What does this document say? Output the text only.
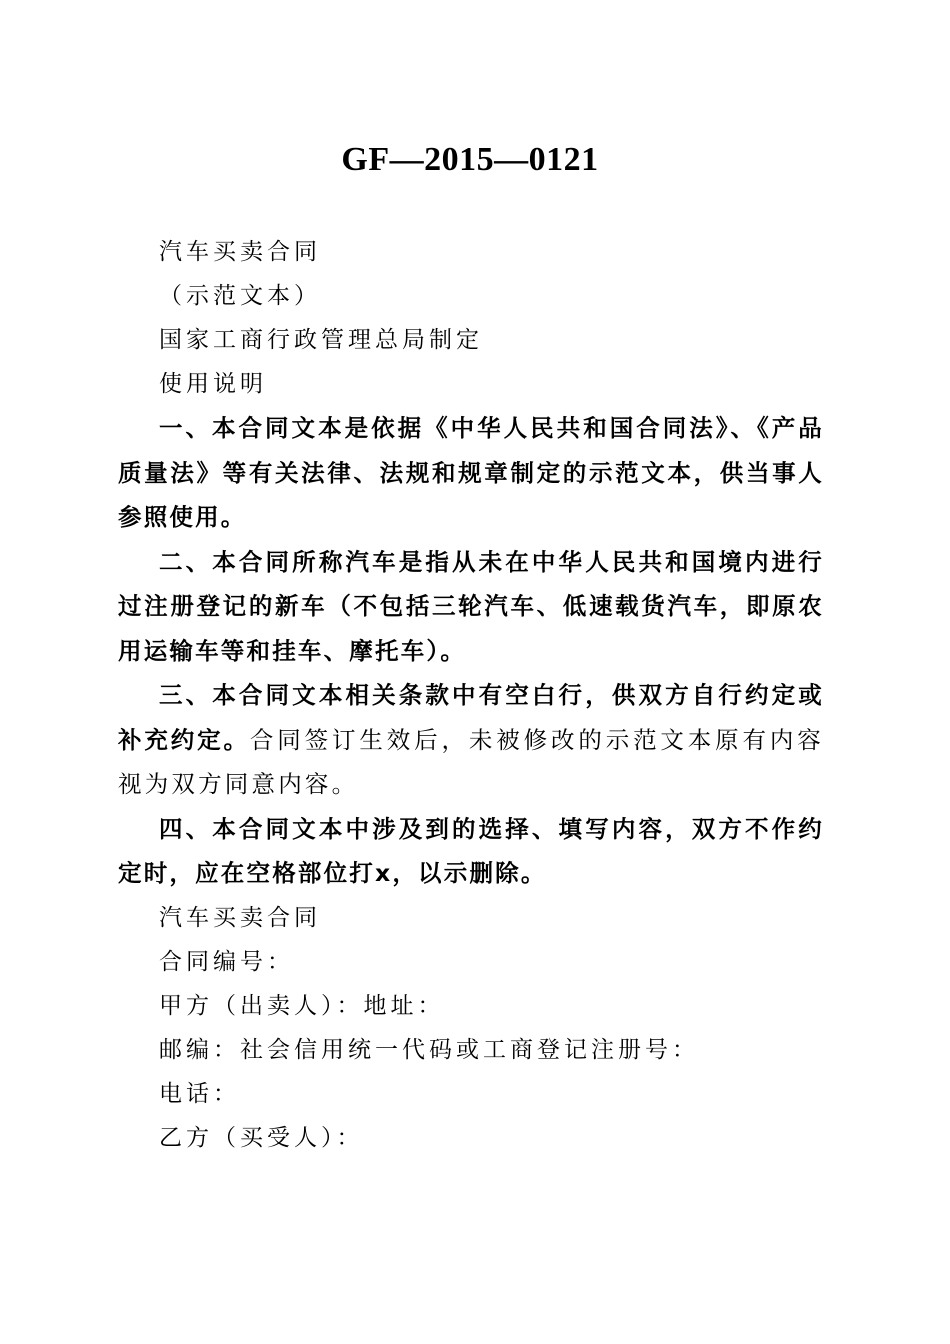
GF—2015—0121
汽车买卖合同
（示范文本）
国家工商行政管理总局制定
使用说明
一、本合同文本是依据《中华人民共和国合同法》、《产品质量法》等有关法律、法规和规章制定的示范文本，供当事人参照使用。
二、本合同所称汽车是指从未在中华人民共和国境内进行过注册登记的新车（不包括三轮汽车、低速载货汽车，即原农用运输车等和挂车、摩托车）。
三、本合同文本相关条款中有空白行，供双方自行约定或补充约定。合同签订生效后，未被修改的示范文本原有内容视为双方同意内容。
四、本合同文本中涉及到的选择、填写内容，双方不作约定时，应在空格部位打x，以示删除。
汽车买卖合同
合同编号：
甲方（出卖人）：地址：
邮编：社会信用统一代码或工商登记注册号：
电话：
乙方（买受人）：
